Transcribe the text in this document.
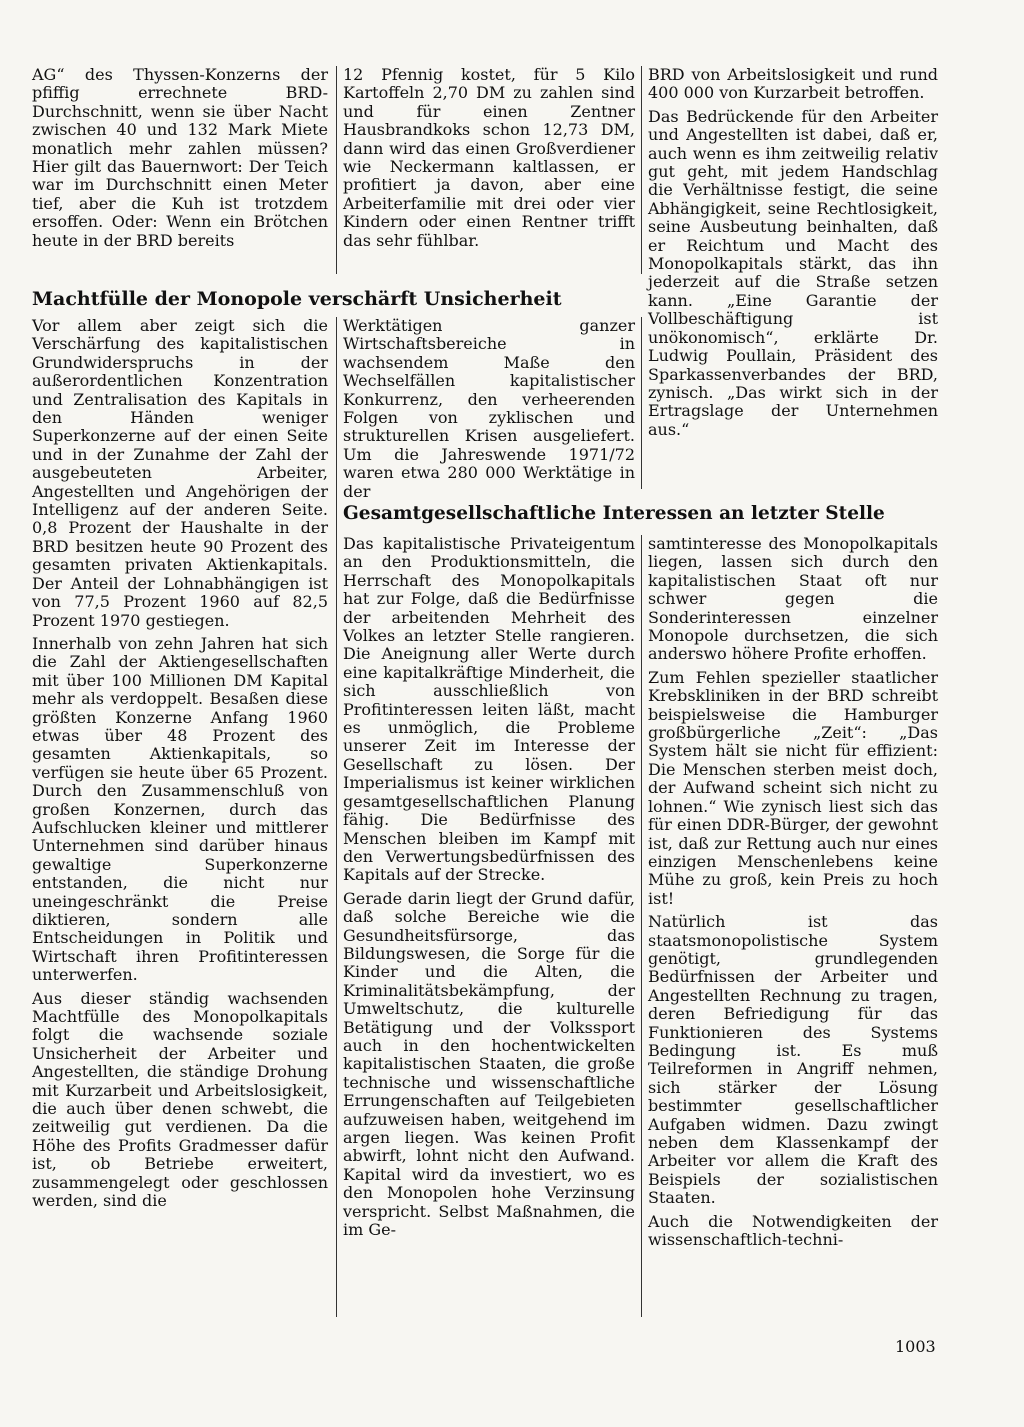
AG“ des Thyssen-Konzerns der pfiffig errechnete BRD-Durchschnitt, wenn sie über Nacht zwischen 40 und 132 Mark Miete monatlich mehr zahlen müssen? Hier gilt das Bauernwort: Der Teich war im Durchschnitt einen Meter tief, aber die Kuh ist trotzdem ersoffen. Oder: Wenn ein Brötchen heute in der BRD bereits

12 Pfennig kostet, für 5 Kilo Kartoffeln 2,70 DM zu zahlen sind und für einen Zentner Hausbrandkoks schon 12,73 DM, dann wird das einen Großverdiener wie Neckermann kaltlassen, er profitiert ja davon, aber eine Arbeiterfamilie mit drei oder vier Kindern oder einen Rentner trifft das sehr fühlbar.

BRD von Arbeitslosigkeit und rund 400 000 von Kurzarbeit betroffen.

Das Bedrückende für den Arbeiter und Angestellten ist dabei, daß er, auch wenn es ihm zeitweilig relativ gut geht, mit jedem Handschlag die Verhältnisse festigt, die seine Abhängigkeit, seine Rechtlosigkeit, seine Ausbeutung beinhalten, daß er Reichtum und Macht des Monopolkapitals stärkt, das ihn jederzeit auf die Straße setzen kann. „Eine Garantie der Vollbeschäftigung ist unökonomisch“, erklärte Dr. Ludwig Poullain, Präsident des Sparkassenverbandes der BRD, zynisch. „Das wirkt sich in der Ertragslage der Unternehmen aus.“

Machtfülle der Monopole verschärft Unsicherheit

Vor allem aber zeigt sich die Verschärfung des kapitalistischen Grundwiderspruchs in der außerordentlichen Konzentration und Zentralisation des Kapitals in den Händen weniger Superkonzerne auf der einen Seite und in der Zunahme der Zahl der ausgebeuteten Arbeiter, Angestellten und Angehörigen der Intelligenz auf der anderen Seite. 0,8 Prozent der Haushalte in der BRD besitzen heute 90 Prozent des gesamten privaten Aktienkapitals. Der Anteil der Lohnabhängigen ist von 77,5 Prozent 1960 auf 82,5 Prozent 1970 gestiegen.

Innerhalb von zehn Jahren hat sich die Zahl der Aktiengesellschaften mit über 100 Millionen DM Kapital mehr als verdoppelt. Besaßen diese größten Konzerne Anfang 1960 etwas über 48 Prozent des gesamten Aktienkapitals, so verfügen sie heute über 65 Prozent. Durch den Zusammenschluß von großen Konzernen, durch das Aufschlucken kleiner und mittlerer Unternehmen sind darüber hinaus gewaltige Superkonzerne entstanden, die nicht nur uneingeschränkt die Preise diktieren, sondern alle Entscheidungen in Politik und Wirtschaft ihren Profitinteressen unterwerfen.

Aus dieser ständig wachsenden Machtfülle des Monopolkapitals folgt die wachsende soziale Unsicherheit der Arbeiter und Angestellten, die ständige Drohung mit Kurzarbeit und Arbeitslosigkeit, die auch über denen schwebt, die zeitweilig gut verdienen. Da die Höhe des Profits Gradmesser dafür ist, ob Betriebe erweitert, zusammengelegt oder geschlossen werden, sind die

Werktätigen ganzer Wirtschaftsbereiche in wachsendem Maße den Wechselfällen kapitalistischer Konkurrenz, den verheerenden Folgen von zyklischen und strukturellen Krisen ausgeliefert. Um die Jahreswende 1971/72 waren etwa 280 000 Werktätige in der

Gesamtgesellschaftliche Interessen an letzter Stelle

Das kapitalistische Privateigentum an den Produktionsmitteln, die Herrschaft des Monopolkapitals hat zur Folge, daß die Bedürfnisse der arbeitenden Mehrheit des Volkes an letzter Stelle rangieren. Die Aneignung aller Werte durch eine kapitalkräftige Minderheit, die sich ausschließlich von Profitinteressen leiten läßt, macht es unmöglich, die Probleme unserer Zeit im Interesse der Gesellschaft zu lösen. Der Imperialismus ist keiner wirklichen gesamtgesellschaftlichen Planung fähig. Die Bedürfnisse des Menschen bleiben im Kampf mit den Verwertungsbedürfnissen des Kapitals auf der Strecke.

Gerade darin liegt der Grund dafür, daß solche Bereiche wie die Gesundheitsfürsorge, das Bildungswesen, die Sorge für die Kinder und die Alten, die Kriminalitätsbekämpfung, der Umweltschutz, die kulturelle Betätigung und der Volkssport auch in den hochentwickelten kapitalistischen Staaten, die große technische und wissenschaftliche Errungenschaften auf Teilgebieten aufzuweisen haben, weitgehend im argen liegen. Was keinen Profit abwirft, lohnt nicht den Aufwand. Kapital wird da investiert, wo es den Monopolen hohe Verzinsung verspricht. Selbst Maßnahmen, die im Ge-

samtinteresse des Monopolkapitals liegen, lassen sich durch den kapitalistischen Staat oft nur schwer gegen die Sonderinteressen einzelner Monopole durchsetzen, die sich anderswo höhere Profite erhoffen.

Zum Fehlen spezieller staatlicher Krebskliniken in der BRD schreibt beispielsweise die Hamburger großbürgerliche „Zeit“: „Das System hält sie nicht für effizient: Die Menschen sterben meist doch, der Aufwand scheint sich nicht zu lohnen.“ Wie zynisch liest sich das für einen DDR-Bürger, der gewohnt ist, daß zur Rettung auch nur eines einzigen Menschenlebens keine Mühe zu groß, kein Preis zu hoch ist!

Natürlich ist das staatsmonopolistische System genötigt, grundlegenden Bedürfnissen der Arbeiter und Angestellten Rechnung zu tragen, deren Befriedigung für das Funktionieren des Systems Bedingung ist. Es muß Teilreformen in Angriff nehmen, sich stärker der Lösung bestimmter gesellschaftlicher Aufgaben widmen. Dazu zwingt neben dem Klassenkampf der Arbeiter vor allem die Kraft des Beispiels der sozialistischen Staaten.

Auch die Notwendigkeiten der wissenschaftlich-techni-

1003
